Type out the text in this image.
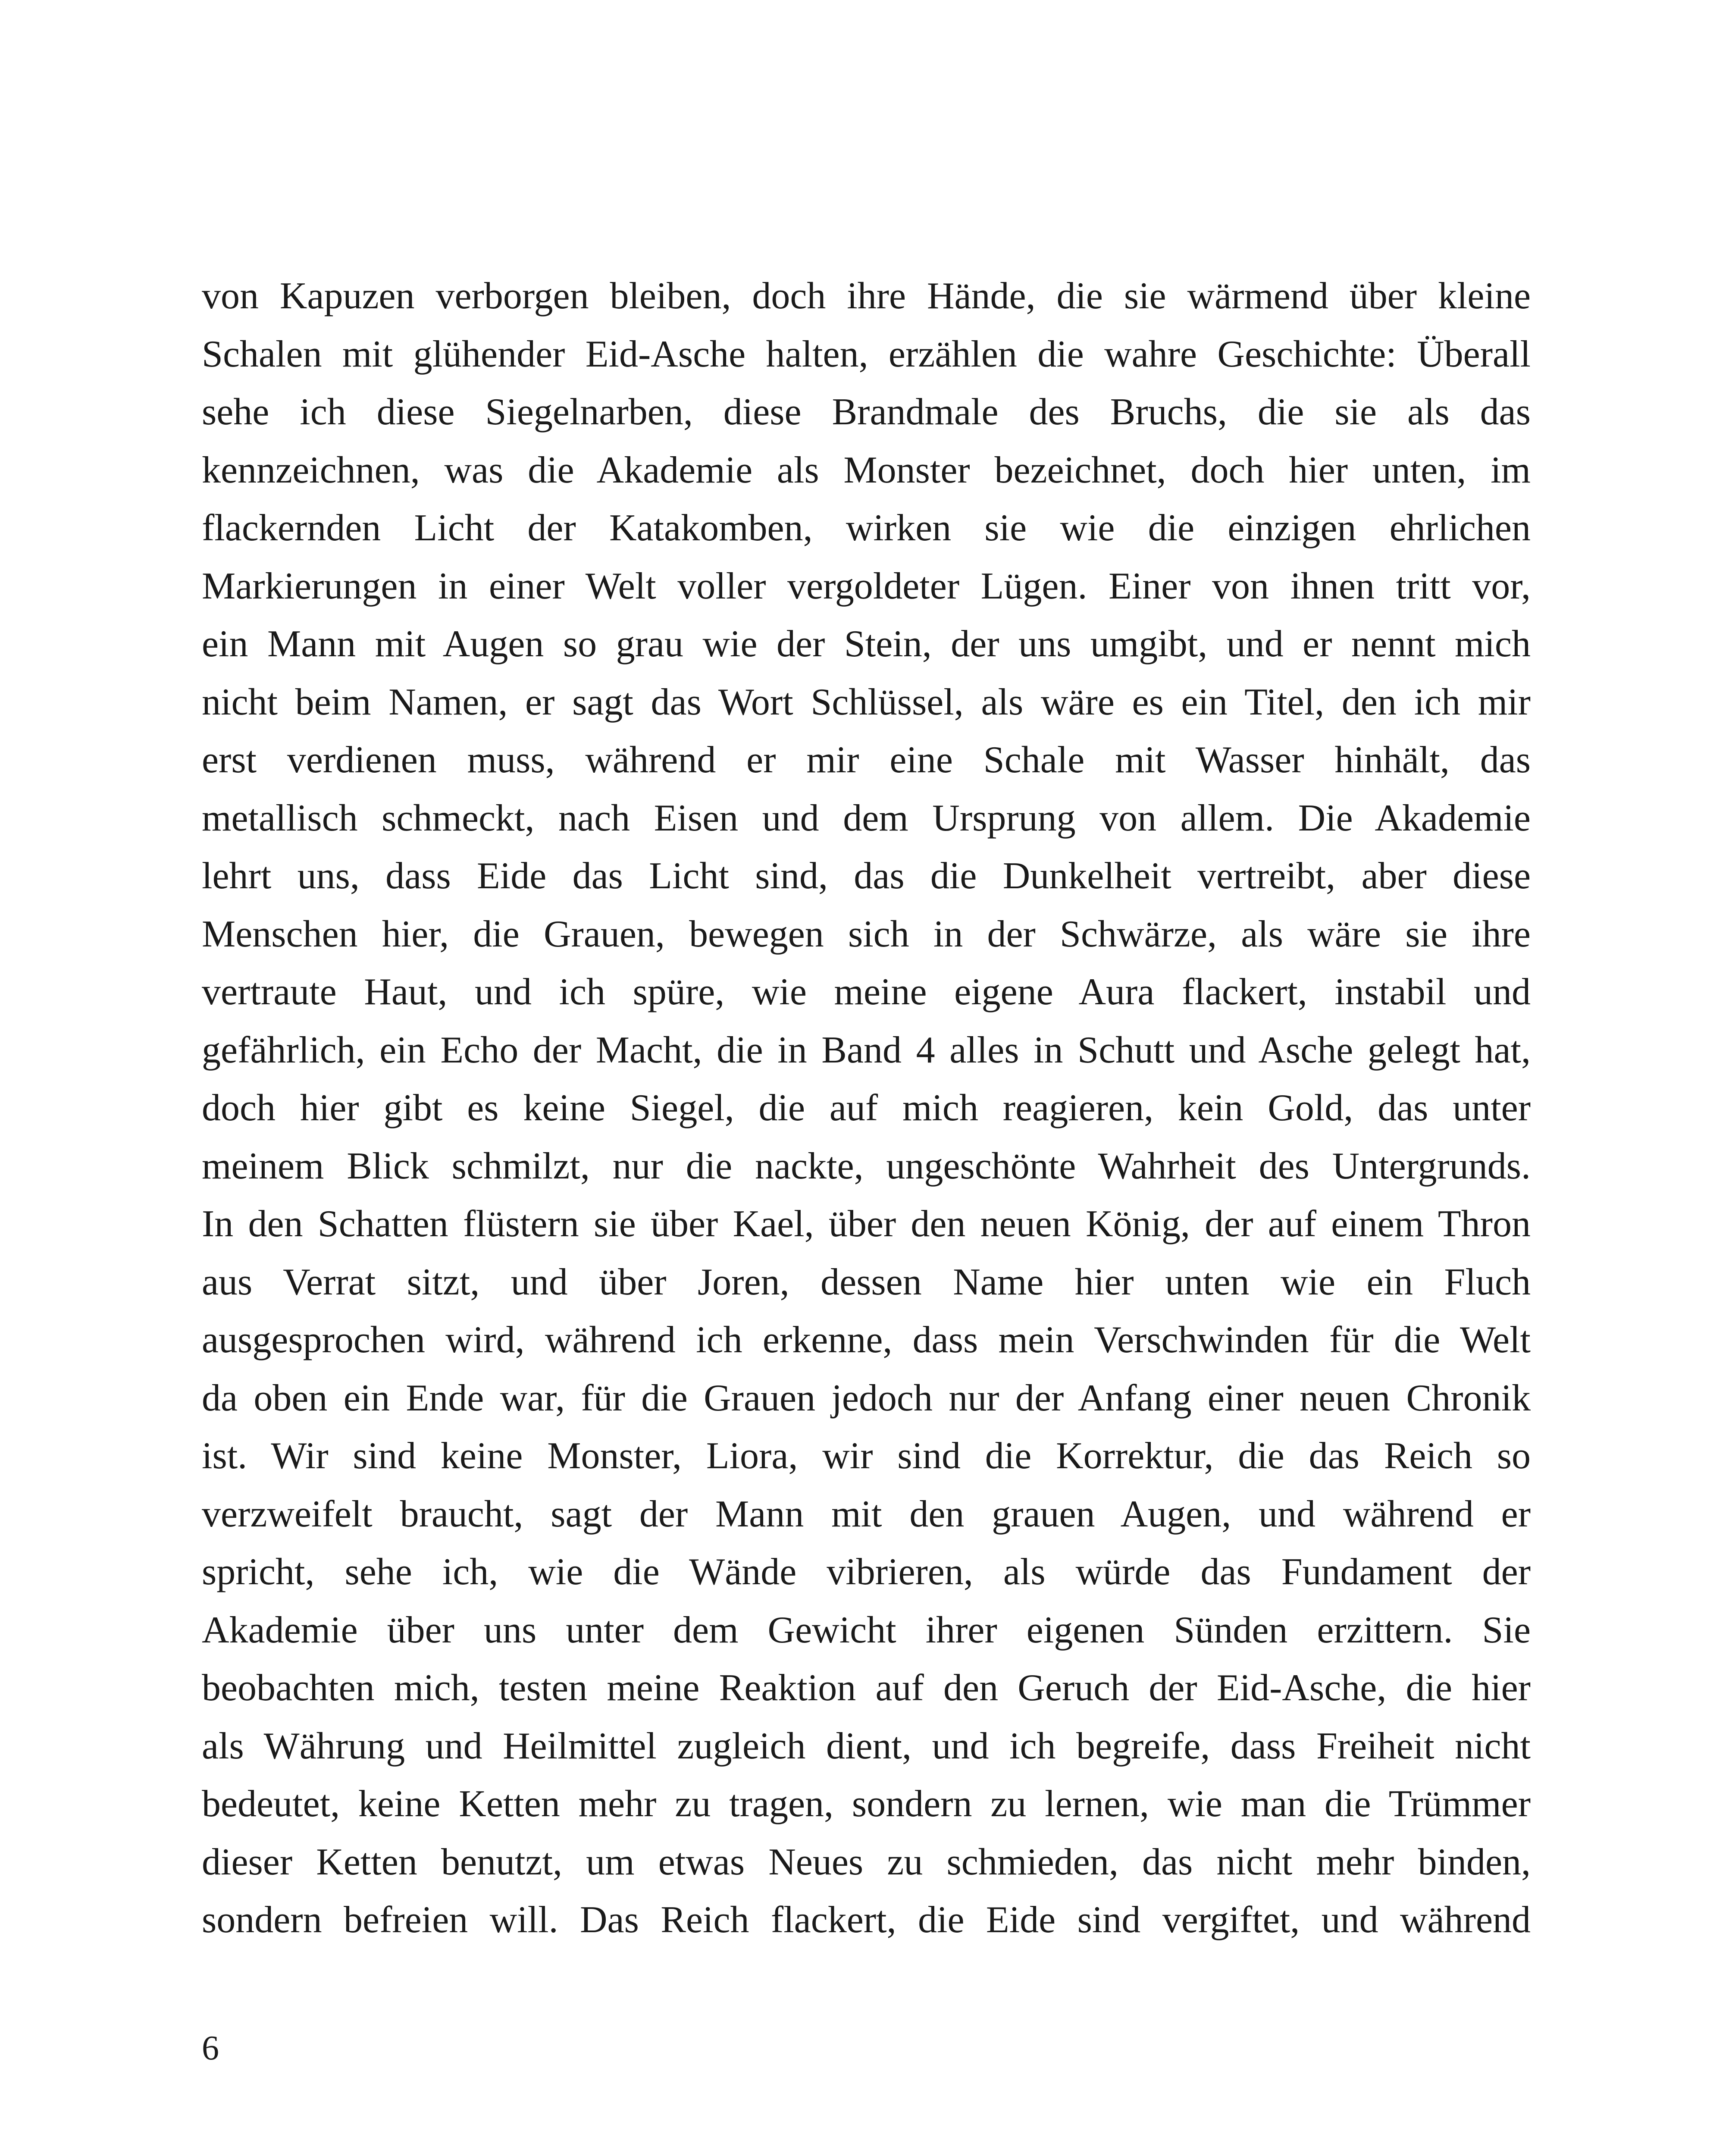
von Kapuzen verborgen bleiben, doch ihre Hände, die sie wärmend über kleine
Schalen mit glühender Eid-Asche halten, erzählen die wahre Geschichte: Überall
sehe ich diese Siegelnarben, diese Brandmale des Bruchs, die sie als das
kennzeichnen, was die Akademie als Monster bezeichnet, doch hier unten, im
flackernden Licht der Katakomben, wirken sie wie die einzigen ehrlichen
Markierungen in einer Welt voller vergoldeter Lügen. Einer von ihnen tritt vor,
ein Mann mit Augen so grau wie der Stein, der uns umgibt, und er nennt mich
nicht beim Namen, er sagt das Wort Schlüssel, als wäre es ein Titel, den ich mir
erst verdienen muss, während er mir eine Schale mit Wasser hinhält, das
metallisch schmeckt, nach Eisen und dem Ursprung von allem. Die Akademie
lehrt uns, dass Eide das Licht sind, das die Dunkelheit vertreibt, aber diese
Menschen hier, die Grauen, bewegen sich in der Schwärze, als wäre sie ihre
vertraute Haut, und ich spüre, wie meine eigene Aura flackert, instabil und
gefährlich, ein Echo der Macht, die in Band 4 alles in Schutt und Asche gelegt hat,
doch hier gibt es keine Siegel, die auf mich reagieren, kein Gold, das unter
meinem Blick schmilzt, nur die nackte, ungeschönte Wahrheit des Untergrunds.
In den Schatten flüstern sie über Kael, über den neuen König, der auf einem Thron
aus Verrat sitzt, und über Joren, dessen Name hier unten wie ein Fluch
ausgesprochen wird, während ich erkenne, dass mein Verschwinden für die Welt
da oben ein Ende war, für die Grauen jedoch nur der Anfang einer neuen Chronik
ist. Wir sind keine Monster, Liora, wir sind die Korrektur, die das Reich so
verzweifelt braucht, sagt der Mann mit den grauen Augen, und während er
spricht, sehe ich, wie die Wände vibrieren, als würde das Fundament der
Akademie über uns unter dem Gewicht ihrer eigenen Sünden erzittern. Sie
beobachten mich, testen meine Reaktion auf den Geruch der Eid-Asche, die hier
als Währung und Heilmittel zugleich dient, und ich begreife, dass Freiheit nicht
bedeutet, keine Ketten mehr zu tragen, sondern zu lernen, wie man die Trümmer
dieser Ketten benutzt, um etwas Neues zu schmieden, das nicht mehr binden,
sondern befreien will. Das Reich flackert, die Eide sind vergiftet, und während
6
